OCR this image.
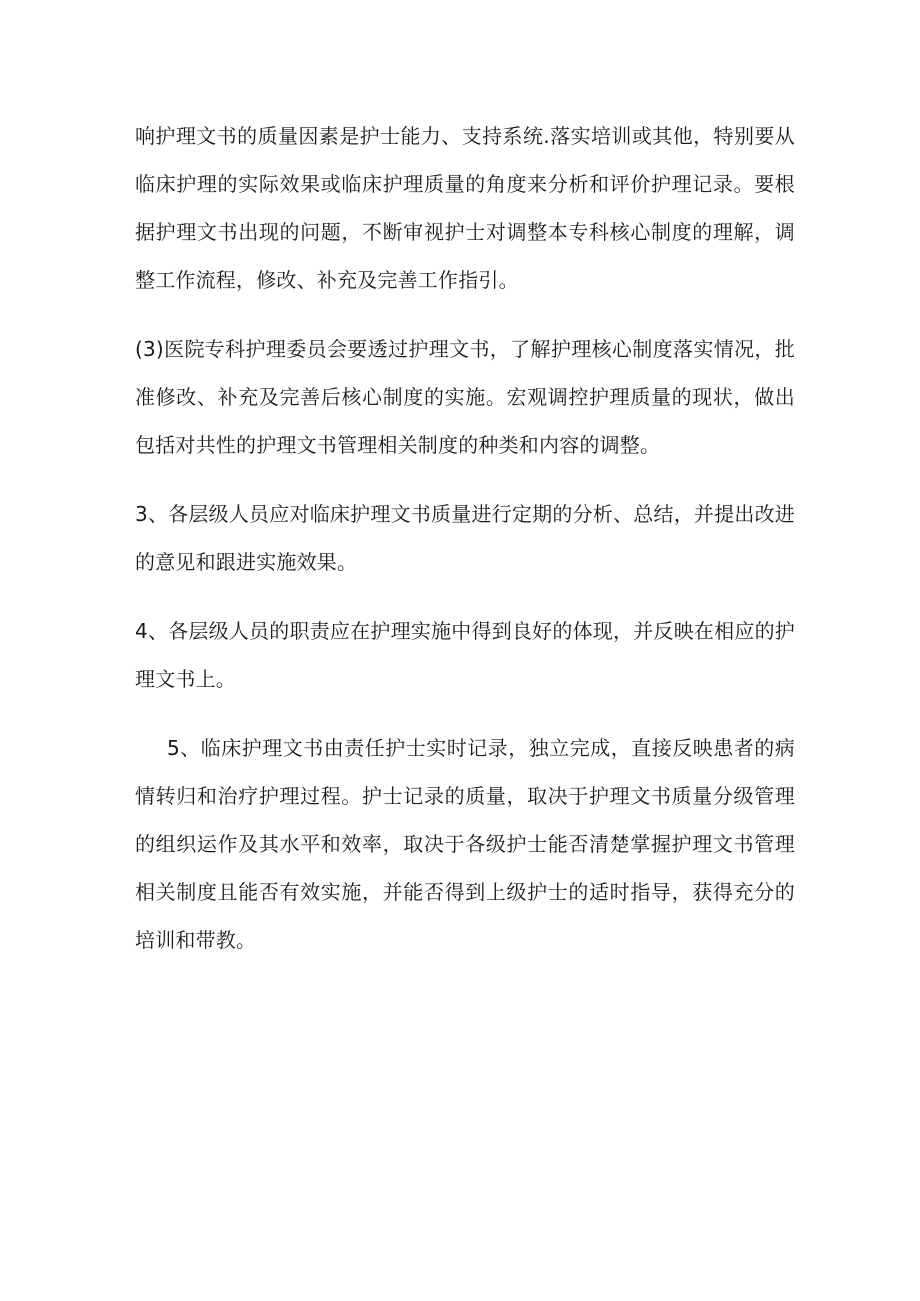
响护理文书的质量因素是护士能力、支持系统.落实培训或其他，特别要从临床护理的实际效果或临床护理质量的角度来分析和评价护理记录。要根据护理文书出现的问题，不断审视护士对调整本专科核心制度的理解，调整工作流程，修改、补充及完善工作指引。

(3)医院专科护理委员会要透过护理文书，了解护理核心制度落实情况，批准修改、补充及完善后核心制度的实施。宏观调控护理质量的现状，做出包括对共性的护理文书管理相关制度的种类和内容的调整。

3、各层级人员应对临床护理文书质量进行定期的分析、总结，并提出改进的意见和跟进实施效果。

4、各层级人员的职责应在护理实施中得到良好的体现，并反映在相应的护理文书上。

5、临床护理文书由责任护士实时记录，独立完成，直接反映患者的病情转归和治疗护理过程。护士记录的质量，取决于护理文书质量分级管理的组织运作及其水平和效率，取决于各级护士能否清楚掌握护理文书管理相关制度且能否有效实施，并能否得到上级护士的适时指导，获得充分的培训和带教。
